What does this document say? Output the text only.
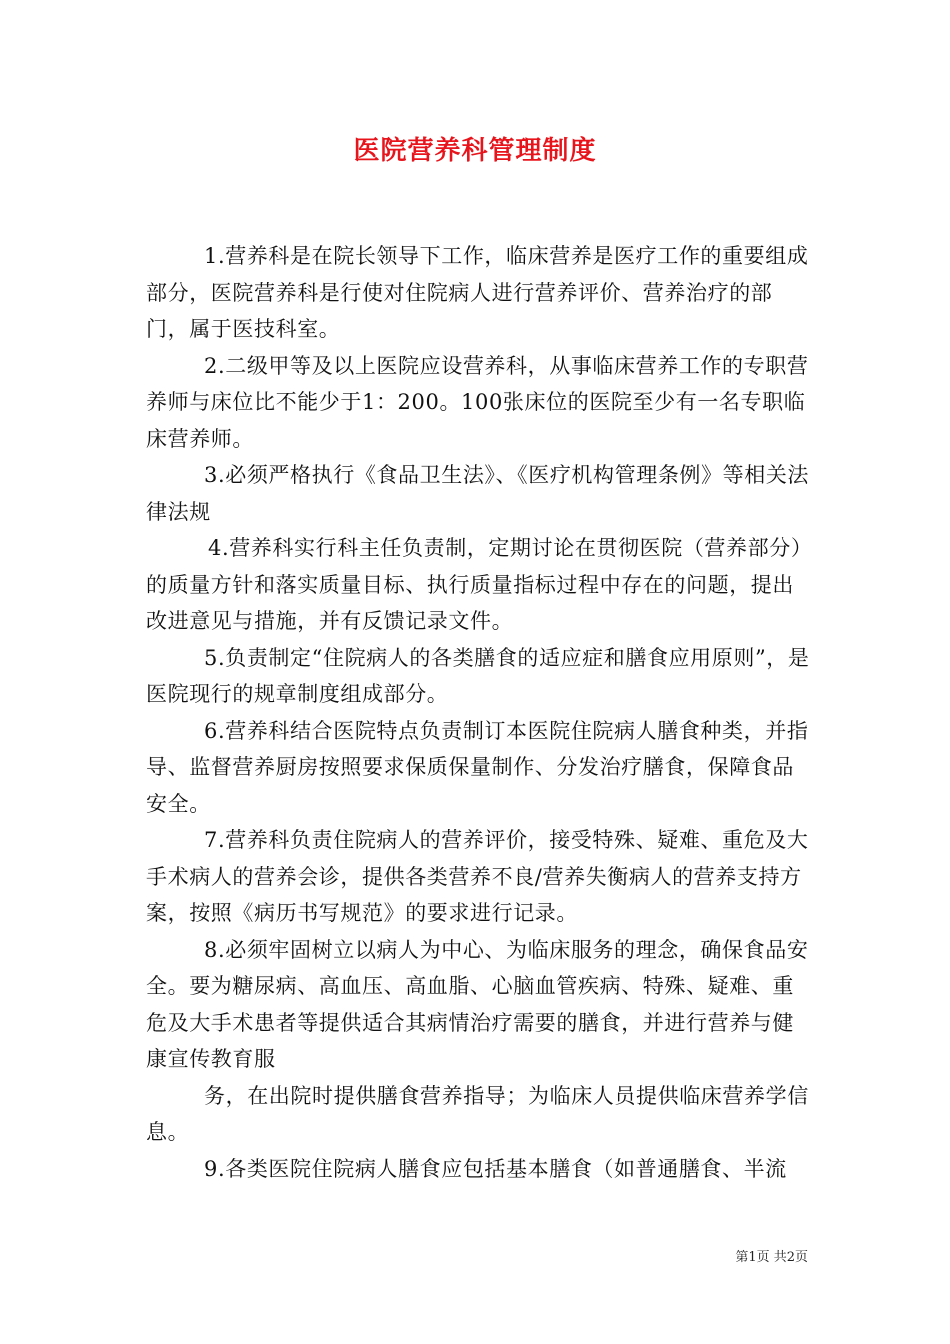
医院营养科管理制度

1.营养科是在院长领导下工作，临床营养是医疗工作的重要组成部分，医院营养科是行使对住院病人进行营养评价、营养治疗的部门，属于医技科室。

2.二级甲等及以上医院应设营养科，从事临床营养工作的专职营养师与床位比不能少于1：200。100张床位的医院至少有一名专职临床营养师。

3.必须严格执行《食品卫生法》、《医疗机构管理条例》等相关法律法规

4.营养科实行科主任负责制，定期讨论在贯彻医院（营养部分）的质量方针和落实质量目标、执行质量指标过程中存在的问题，提出改进意见与措施，并有反馈记录文件。

5.负责制定“住院病人的各类膳食的适应症和膳食应用原则”，是医院现行的规章制度组成部分。

6.营养科结合医院特点负责制订本医院住院病人膳食种类，并指导、监督营养厨房按照要求保质保量制作、分发治疗膳食，保障食品安全。

7.营养科负责住院病人的营养评价，接受特殊、疑难、重危及大手术病人的营养会诊，提供各类营养不良/营养失衡病人的营养支持方案，按照《病历书写规范》的要求进行记录。

8.必须牢固树立以病人为中心、为临床服务的理念，确保食品安全。要为糖尿病、高血压、高血脂、心脑血管疾病、特殊、疑难、重危及大手术患者等提供适合其病情治疗需要的膳食，并进行营养与健康宣传教育服

务，在出院时提供膳食营养指导；为临床人员提供临床营养学信息。

9.各类医院住院病人膳食应包括基本膳食（如普通膳食、半流

第1页 共2页
